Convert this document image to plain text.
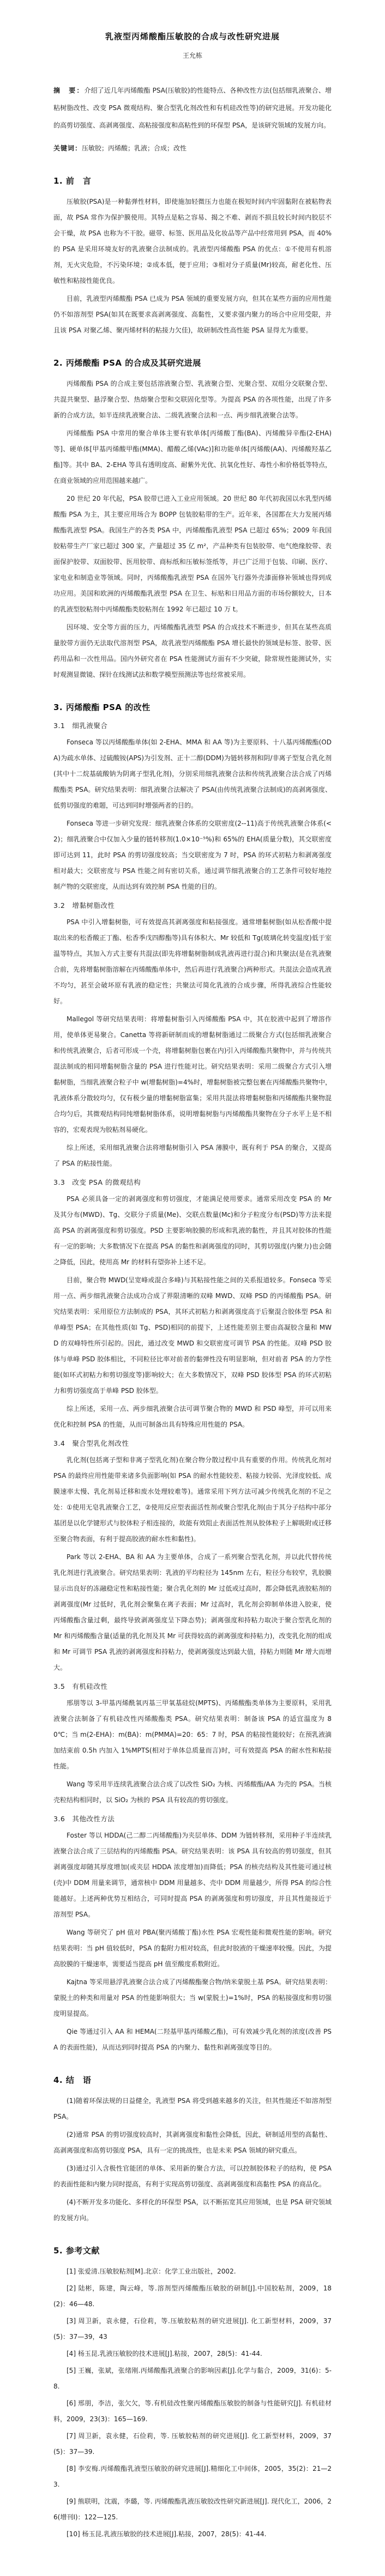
乳液型丙烯酸酯压敏胶的合成与改性研究进展
王允栋

摘　要：介绍了近几年丙烯酸酯 PSA(压敏胶)的性能特点、各种改性方法(包括细乳液聚合、增粘树脂改性、改变 PSA 微观结构、聚合型乳化剂改性和有机硅改性等)的研究进展。开发功能化的高剪切强度、高剥离强度、高粘接强度和高粘性到的环保型 PSA，是该研究领域的发展方向。

关键词：压敏胶；丙烯酸；乳液；合成；改性

1. 前　言

压敏胶(PSA)是一种黏弹性材料，即使施加轻微压力也能在极短时间内牢固黏附在被粘物表面，故 PSA 常作为保护膜使用。其特点是粘之容易、揭之不难、剥而不损且较长时间内胶层不会干燥，故 PSA 也称为不干胶。磁带、标签、医用品及化妆品等产品中经常用到 PSA，而 40%的 PSA 是采用环境友好的乳液聚合法制成的。乳液型丙烯酸酯 PSA 的优点：①不使用有机溶剂，无火灾危险，不污染环境；②成本低，便于应用；③相对分子质量(Mr)较高，耐老化性、压敏性和粘接性能优良。

目前，乳液型丙烯酸酯 PSA 已成为 PSA 领域的重要发展方向，但其在某些方面的应用性能仍不如溶剂型 PSA(如其在既要求高剥离强度、高黏性，又要求强内聚力的场合中应用受限，并且该 PSA 对聚乙烯、聚丙烯材料的粘接力欠佳)，故研制改性高性能 PSA 显得尤为重要。

2. 丙烯酸酯 PSA 的合成及其研究进展

丙烯酸酯 PSA 的合成主要包括溶液聚合型、乳液聚合型、光聚合型、双组分交联聚合型、共混共聚型、悬浮聚合型、热熔聚合型和交联固化型等。为提高 PSA 的各项性能，出现了许多新的合成方法，如半连续乳液聚合法、二级乳液聚合法和一点、两步细乳液聚合法等。

丙烯酸酯 PSA 中常用的聚合单体主要有软单体[丙烯酸丁酯(BA)、丙烯酸异辛酯(2-EHA)等]、硬单体[甲基丙烯酸甲酯(MMA)、醋酸乙烯(VAc)]和功能单体[丙烯酸(AA)、丙烯酸羟基乙酯]等。其中 BA、2-EHA 等具有透明度高、耐紫外光优、抗氧化性好、毒性小和价格低等特点，在商业领域的应用范围越来越广。

20 世纪 20 年代起，PSA 胶带已进入工业应用领域。20 世纪 80 年代初我国以水乳型丙烯酸酯 PSA 为主，其主要应用场合为 BOPP 包装胶粘带的生产。近年来，各国都在大力发展丙烯酸酯乳液型 PSA。我国生产的各类 PSA 中，丙烯酸酯乳液型 PSA 已超过 65%；2009 年我国胶粘带生产厂家已超过 300 家，产量超过 35 亿 m²，产品种类有包装胶带、电气绝缘胶带、表面保护胶带、双面胶带、医用胶带、商标纸和压敏标签纸等，并已广泛用于包装、印刷、医疗、家电业和制造业等领域。同时，丙烯酸酯乳液型 PSA 在国外飞行器外壳漆面修补领域也得到成功应用。美国和欧洲的丙烯酸酯乳液型 PSA 在卫生、标贴和日用品方面的市场份额较大，日本的乳液型胶粘剂中丙烯酸酯类胶粘剂在 1992 年已超过 10 万 t。

因环境、安全等方面的压力，丙烯酸酯乳液型 PSA 的合成技术不断进步，但其在某些高质量胶带方面仍无法取代溶剂型 PSA，故乳液型丙烯酸酯 PSA 增长最快的领域是标签、胶带、医药用品和一次性用品。国内外研究者在 PSA 性能测试方面有不少突破，除常规性能测试外，实时观测显微镜、探针在线测试法和数学模型预测法等也经常被采用。

3. 丙烯酸酯 PSA 的改性
3.1　细乳液聚合

Fonseca 等以丙烯酸酯单体(如 2-EHA、MMA 和 AA 等)为主要原料、十八基丙烯酸酯(ODA)为疏水单体、过硫酸铵(APS)为引发剂、正十二醇(DDM)为链转移剂和阴/非离子型复合乳化剂(其中十二烷基硫酸钠为阴离子型乳化剂)，分别采用细乳液聚合法和传统乳液聚合法合成了丙烯酸酯类 PSA。研究结果表明：细乳液聚合法解决了 PSA(由传统乳液聚合法制成)的高剥离强度、低剪切强度的难题，可达到同时增强两者的目的。

Fonseca 等进一步研究发现：细乳液聚合体系的交联密度(2--11)高于传统乳液聚合体系(<2)；细乳液聚合中仅加入少量的链转移剂(1.0×10⁻⁵%)和 65%的 EHA(质量分数)，其交联密度即可达到 11，此时 PSA 的剪切强度较高；当交联密度为 7 时，PSA 的环式初粘力和剥离强度相对最大；交联密度与 PSA 性能之间有密切关系，通过调节细乳液聚合的工艺条件可较好地控制产物的交联密度，从而达到有效控制 PSA 性能的目的。

3.2　增黏树脂改性

PSA 中引入增黏树脂，可有效提高其剥离强度和粘接强度。通常增黏树脂(如从松香酸中提取出来的松香酸正丁酯、松香季戊四醇酯等)具有体积大、Mr 较低和 Tg(玻璃化转变温度)低于室温等特点，其加入方式主要有共混法(即先将增黏树脂制成乳液再进行混合)和共聚法(是在乳液聚合前，先将增黏树脂溶解在丙烯酸酯单体中，然后再进行乳液聚合)两种形式。共混法会造成乳液不均匀，甚至会破坏原有乳液的稳定性；共聚法可简化乳液的合成步骤，所得乳液综合性能较好。

Mallegol 等研究结果表明：将增黏树脂引入丙烯酸酯 PSA 中，其在胶液中起到了增溶作用，使单体更易聚合。Canetta 等将新研制而成的增黏树脂通过二级聚合方式(包括细乳液聚合和传统乳液聚合，后者可形成一个壳，将增黏树脂包裹在内)引入丙烯酸酯共聚物中，并与传统共混法制成的相同增黏树脂含量的 PSA 进行性能对比。研究结果表明：采用二级聚合方式引入增黏树脂，当细乳液聚合粒子中 w(增黏树脂)=4%时，增黏树脂被完整包裹在丙烯酸酯共聚物中，乳液体系分散较均匀，仅有极少量的增黏树脂富集；采用共混法将增黏树脂和丙烯酸酯共聚物混合均匀后，其微观结构同纯增黏树脂体系，说明增黏树脂与丙烯酸酯共聚物在分子水平上是不相容的，宏观表现为胶粘剂易硬化。

综上所述，采用细乳液聚合法将增黏树脂引入 PSA 薄膜中，既有利于 PSA 的聚合，又提高了 PSA 的粘接性能。

3.3　改变 PSA 的微观结构

PSA 必须具备一定的剥离强度和剪切强度，才能满足使用要求。通常采用改变 PSA 的 Mr 及其分布(MWD)、Tg、交联分子质量(Me)、交联点数量(Mc)和分子粒度分布(PSD)等方法来提高 PSA 的剥离强度和剪切强度。PSD 主要影响胶膜的形成和乳液的黏性，并且其对胶体的性能有一定的影响；大多数情况下在提高 PSA 的黏性和剥离强度的同时，其剪切强度(内聚力)也会随之降低，因此，使用高 Mr 的材料有望弥补上述不足。

目前，聚合物 MWD(呈宽峰或混合多峰)与其粘接性能之间的关系报道较多。Fonseca 等采用一点、两步细乳液聚合法成功合成了界限清晰的双峰 MWD、双峰 PSD 的丙烯酸酯 PSA。研究结果表明：采用原位方法制成的 PSA，其环式初粘力和剥离强度高于后聚混合胶体型 PSA 和单峰型 PSA；在其他性质(如 Tg、PSD)相同的前提下，上述性能差别主要由高凝胶含量和 MWD 的双峰特性所引起的。因此，通过改变 MWD 和交联密度可调节 PSA 的性能。双峰 PSD 胶体与单峰 PSD 胶体相比，不同粒径比率对前者的黏弹性没有明显影响，但对前者 PSA 的力学性能(如环式初粘力和剪切强度等)影响较大；在大多数情况下，双峰 PSD 胶体型 PSA 的环式初粘力和剪切强度高于单峰 PSD 胶体型。

综上所述，采用一点、两步细乳液聚合法可调节聚合物的 MWD 和 PSD 峰型，并可以用来优化和控制 PSA 的性能，从而可制备出具有特殊应用性能的 PSA。

3.4　聚合型乳化剂改性

乳化剂(包括离子型和非离子型乳化剂)在聚合物分散过程中具有重要的作用。传统乳化剂对 PSA 的最终应用性能带来诸多负面影响(如 PSA 的耐水性能较差、粘接力较弱、光泽度较低、成膜速率太慢、乳化剂易迁移和废水处理较难等)。通常采用下列方法可减少传统乳化剂的不足之处：①使用无皂乳液聚合工艺，②使用反应型表面活性剂或聚合型乳化剂(由于其分子结构中部分基团是以化学键形式与胶体粒子相连接的，故能有效阻止表面活性剂从胶体粒子上解吸附或迁移至聚合物表面，有利于提高胶液的耐水性和黏性)。

Park 等以 2-EHA、BA 和 AA 为主要单体，合成了一系列聚合型乳化剂，并以此代替传统乳化剂进行乳液聚合。研究结果表明：乳液的平均粒径为 145nm 左右，粒径分布较窄，乳胶膜显示出良好的冻融稳定性和粘接性能；聚合乳化剂的 Mr 过低或过高时，都会降低乳液胶粘剂的剥离强度(Mr 过低时，乳化剂会聚集在离子表面；Mr 过高时，乳化剂会抑制单体进入胶束，使丙烯酸酯含量过剩，最终导致剥离强度呈下降态势)；剥离强度和持粘力取决于聚合型乳化剂的 Mr 和丙烯酸酯含量(适量的乳化剂及其 Mr 可获得较高的剥离强度和持粘力)，改变乳化剂的组成和 Mr 可调节 PSA 乳液的剥离强度和持粘力，使剥离强度达到最大值，持粘力则随 Mr 增大而增大。

3.5　有机硅改性

邢朋等以 3-甲基丙烯酰氧丙基三甲氧基硅烷(MPTS)、丙烯酸酯类单体为主要原料，采用乳液聚合法制备了有机硅改性丙烯酸酯类 PSA。研究结果表明：制备该 PSA 的适宜温度为 80℃；当 m(2-EHA)：m(BA)：m(PMMA)=20：65：7 时，PSA 的粘接性能较好；在预乳液滴加结束前 0.5h 内加入 1%MPTS(相对于单体总质量而言)时，可有效提高 PSA 的耐水性和粘接性能。

Wang 等采用半连续乳液聚合法合成了以改性 SiO₂ 为核、丙烯酸酯/AA 为壳的 PSA。当核壳粒结构相同时，以 SiO₂ 为核的 PSA 具有较高的剪切强度。

3.6　其他改性方法

Foster 等以 HDDA(己二醇二丙烯酸酯)为夹层单体、DDM 为链转移剂，采用种子半连续乳液聚合法合成了三层结构的丙烯酸酯 PSA。研究结果表明：该 PSA 具有较高的剪切强度，但其剥离强度却随其厚度增加(或夹层 HDDA 浓度增加)而降低；PSA 的核壳结构及其性能可通过核(壳)中 DDM 用量来调节，通常核中 DDM 用量越多、壳中 DDM 用量越少，所得 PSA 的综合性能越好。上述两种优势互相结合，可同时提高 PSA 的剥离强度和剪切强度，并且其性能接近于溶剂型 PSA。

Wang 等研究了 pH 值对 PBA(聚丙烯酸丁酯)水性 PSA 宏观性能和微观性能的影响。研究结果表明：当 pH 值较低时，PSA 的黏附力相对较高，但此时胶液的干燥速率较慢。因此，为提高胶膜的干燥速率，需要适当提高 pH 值至酸度系数附近。

Kajtna 等采用悬浮乳液聚合法合成了丙烯酸酯聚合物/纳米蒙脱土基 PSA。研究结果表明：蒙脱土的种类和用量对 PSA 的性能影响很大；当 w(蒙脱土)=1%时，PSA 的粘接强度和剪切强度明显提高。

Qie 等通过引入 AA 和 HEMA(二羟基甲基丙烯酸乙酯)，可有效减少乳化剂的浓度(改善 PSA 的表面性能)，从而达到同时提高 PSA 的内聚力、黏性和剥离强度等目的。

4. 结　语

(1)随着环保法规的日益健全，乳液型 PSA 将受到越来越多的关注，但其性能还不如溶剂型 PSA。

(2)通常 PSA 的剪切强度较高时，其剥离强度和黏性会降低，因此，研制适用型的高黏性、高剥离强度和高剪切强度 PSA，具有一定的挑战性，也是未来 PSA 领域的研究重点。

(3)通过引入含极性官能团的单体、采用新的聚合方法，可以控制胶体粒子的结构，使 PSA 的表面性能和内聚力同时提高，有利于实现高剪切强度、高剥离强度和高黏性 PSA 的商品化。

(4)不断开发多功能化、多样化的环保型 PSA，以不断拓宽其应用领域，也是 PSA 研究领域的发展方向。

5. 参考文献

[1] 张爱清.压敏胶粘剂[M].北京：化学工业出版社，2002.

[2] 陆彬，陈建，陶云峰，等.溶剂型丙烯酸酯压敏胶的研制[J].中国胶粘剂，2009，18(2)：46—48.

[3] 周卫新，袁永健，石俭莉，等.压敏胶粘剂的研究进展[J]. 化工新型材料，2009，37(5)：37—39，43

[4] 杨玉昆.乳液压敏胶的技术进展[J].粘接，2007，28(5)：41-44.

[5] 王巍，张斌，张绪刚.丙烯酸酯乳液聚合的影响因素[J].化学与黏合，2009，31(6)：5-8.

[6] 邢朋，李洁，张欠欠，等.有机硅改性聚丙烯酸酯压敏胶的制备与性能研究[J]. 有机硅材料，2009，23(3)：165—169.

[7] 周卫新，袁永健，石俭莉，等. 压敏胶粘剂的研究进展[J]. 化工新型材料，2009，37(5)：37—39.

[8] 李安梅.丙烯酸酯乳液型压敏胶的研究进展[J].精细化工中间体，2005，35(2)：21—23.

[9] 熊联明，沈震，李璐，等. 丙烯酸酯乳液压敏胶改性研究新进展[J]. 现代化工，2006，26(增刊I)：122—125.

[10] 杨玉昆.乳液压敏胶的技术进展[J].粘接，2007，28(5)：41-44.
